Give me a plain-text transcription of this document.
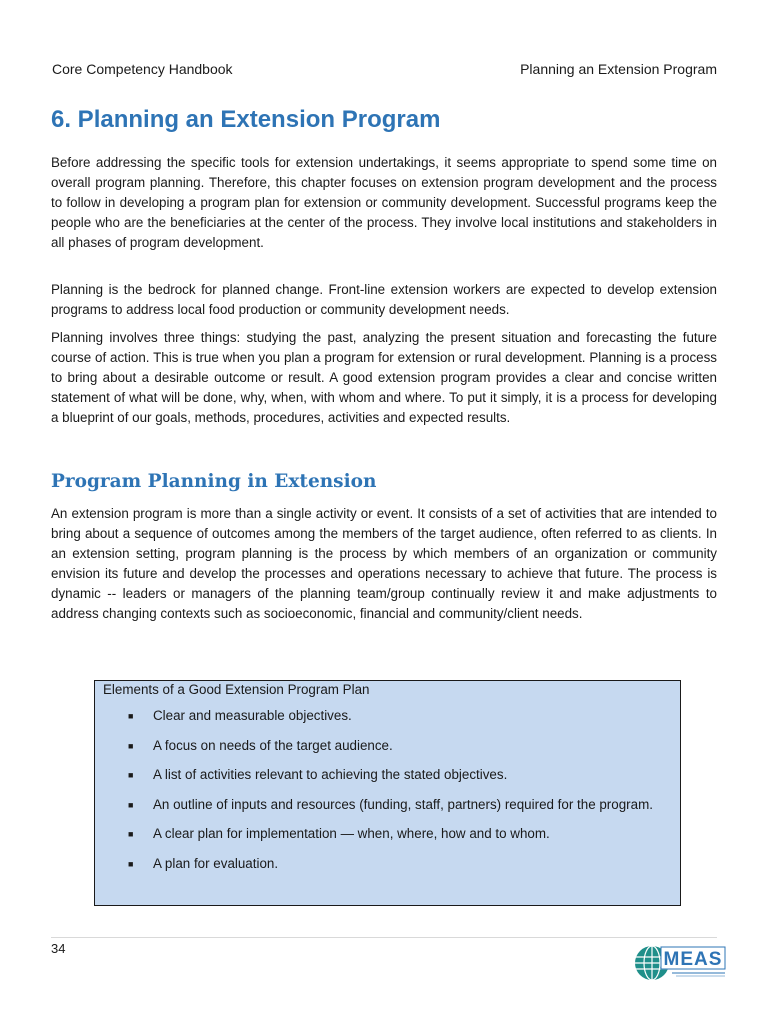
Core Competency Handbook	Planning an Extension Program
6. Planning an Extension Program

Before addressing the specific tools for extension undertakings, it seems appropriate to spend some time on overall program planning. Therefore, this chapter focuses on extension program development and the process to follow in developing a program plan for extension or community development. Successful programs keep the people who are the beneficiaries at the center of the process. They involve local institutions and stakeholders in all phases of program development.

Planning is the bedrock for planned change. Front-line extension workers are expected to develop extension programs to address local food production or community development needs.

Planning involves three things: studying the past, analyzing the present situation and forecasting the future course of action. This is true when you plan a program for extension or rural development. Planning is a process to bring about a desirable outcome or result. A good extension program provides a clear and concise written statement of what will be done, why, when, with whom and where. To put it simply, it is a process for developing a blueprint of our goals, methods, procedures, activities and expected results.

Program Planning in Extension

An extension program is more than a single activity or event. It consists of a set of activities that are intended to bring about a sequence of outcomes among the members of the target audience, often referred to as clients. In an extension setting, program planning is the process by which members of an organization or community envision its future and develop the processes and operations necessary to achieve that future. The process is dynamic -- leaders or managers of the planning team/group continually review it and make adjustments to address changing contexts such as socioeconomic, financial and community/client needs.

Elements of a Good Extension Program Plan
■ Clear and measurable objectives.
■ A focus on needs of the target audience.
■ A list of activities relevant to achieving the stated objectives.
■ An outline of inputs and resources (funding, staff, partners) required for the program.
■ A clear plan for implementation — when, where, how and to whom.
■ A plan for evaluation.
34
MEAS
